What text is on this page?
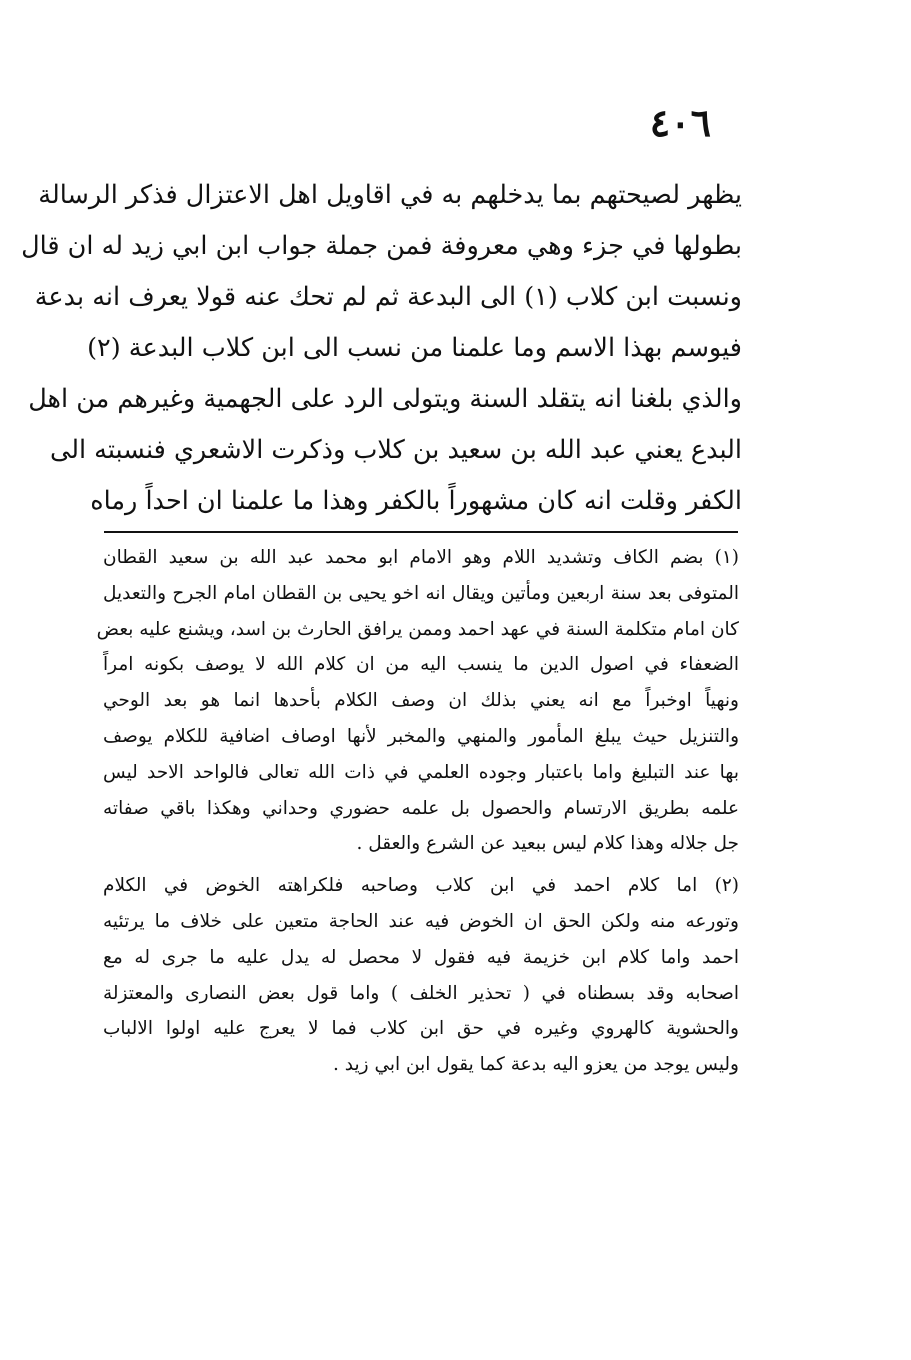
٤٠٦
يظهر لصيحتهم بما يدخلهم به في اقاويل اهل الاعتزال فذكر الرسالة
بطولها في جزء وهي معروفة فمن جملة جواب ابن ابي زيد له ان قال
ونسبت ابن كلاب (١) الى البدعة ثم لم تحك عنه قولا يعرف انه بدعة
فيوسم بهذا الاسم وما علمنا من نسب الى ابن كلاب البدعة (٢)
والذي بلغنا انه يتقلد السنة ويتولى الرد على الجهمية وغيرهم من اهل
البدع يعني عبد الله بن سعيد بن كلاب وذكرت الاشعري فنسبته الى
الكفر وقلت انه كان مشهوراً بالكفر وهذا ما علمنا ان احداً رماه
(١) بضم الكاف وتشديد اللام وهو الامام ابو محمد عبد الله بن سعيد القطان
المتوفى بعد سنة اربعين ومأتين ويقال انه اخو يحيى بن القطان امام الجرح والتعديل
كان امام متكلمة السنة في عهد احمد وممن يرافق الحارث بن اسد، ويشنع عليه بعض
الضعفاء في اصول الدين ما ينسب اليه من ان كلام الله لا يوصف بكونه امراً
ونهياً اوخبراً مع انه يعني بذلك ان وصف الكلام بأحدها انما هو بعد الوحي
والتنزيل حيث يبلغ المأمور والمنهي والمخبر لأنها اوصاف اضافية للكلام يوصف
بها عند التبليغ واما باعتبار وجوده العلمي في ذات الله تعالى فالواحد الاحد ليس
علمه بطريق الارتسام والحصول بل علمه حضوري وحداني وهكذا باقي صفاته
جل جلاله وهذا كلام ليس ببعيد عن الشرع والعقل .
(٢) اما كلام احمد في ابن كلاب وصاحبه فلكراهته الخوض في الكلام
وتورعه منه ولكن الحق ان الخوض فيه عند الحاجة متعين على خلاف ما يرتئيه
احمد واما كلام ابن خزيمة فيه فقول لا محصل له يدل عليه ما جرى له مع
اصحابه وقد بسطناه في ( تحذير الخلف ) واما قول بعض النصارى والمعتزلة
والحشوية كالهروي وغيره في حق ابن كلاب فما لا يعرج عليه اولوا الالباب
وليس يوجد من يعزو اليه بدعة كما يقول ابن ابي زيد .
